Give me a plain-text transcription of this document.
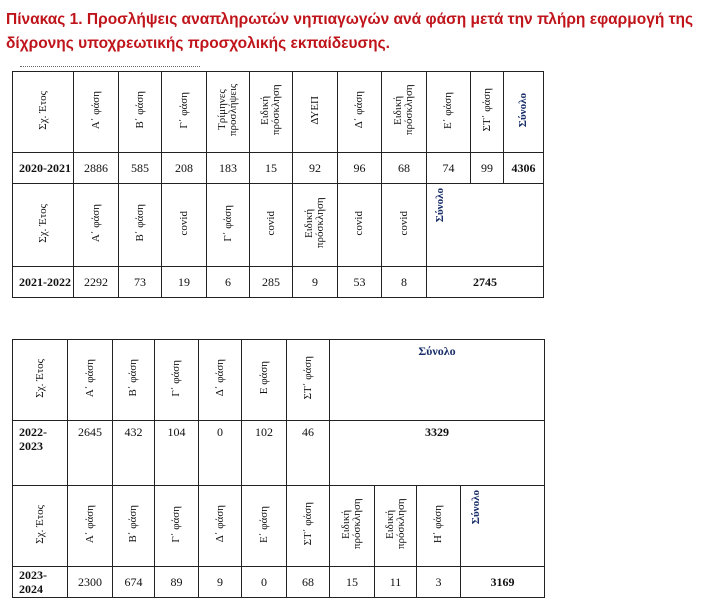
Πίνακας 1. Προσλήψεις αναπληρωτών νηπιαγωγών ανά φάση μετά την πλήρη εφαρμογή της δίχρονης υποχρεωτικής προσχολικής εκπαίδευσης.
Σχ. Έτος	Α΄ φάση	Β΄ φάση	Γ΄ φάση	Τρίμηνες προσλήψεις	Ειδική πρόσκληση	ΔΥΕΠ	Δ΄ φάση	Ειδική πρόσκληση	Ε΄ φάση	ΣΤ΄ φάση	Σύνολο
2020-2021	2886	585	208	183	15	92	96	68	74	99	4306
Σχ. Έτος	Α΄ φάση	Β΄ φάση	covid	Γ΄ φάση	covid	Ειδική πρόσκληση	covid	covid	Σύνολο		
2021-2022	2292	73	19	6	285	9	53	8	2745		
Σχ. Έτος	Α΄ φάση	Β΄ φάση	Γ΄ φάση	Δ΄ φάση	Ε φάση	ΣΤ΄ φάση	Σύνολο			
2022-2023	2645	432	104	0	102	46	3329			
Σχ. Έτος	Α΄ φάση	Β΄ φάση	Γ΄ φάση	Δ΄ φάση	Ε΄ φάση	ΣΤ΄ φάση	Ειδική πρόσκληση	Ειδική πρόσκληση	Η΄ φάση	Σύνολο
2023-2024	2300	674	89	9	0	68	15	11	3	3169
